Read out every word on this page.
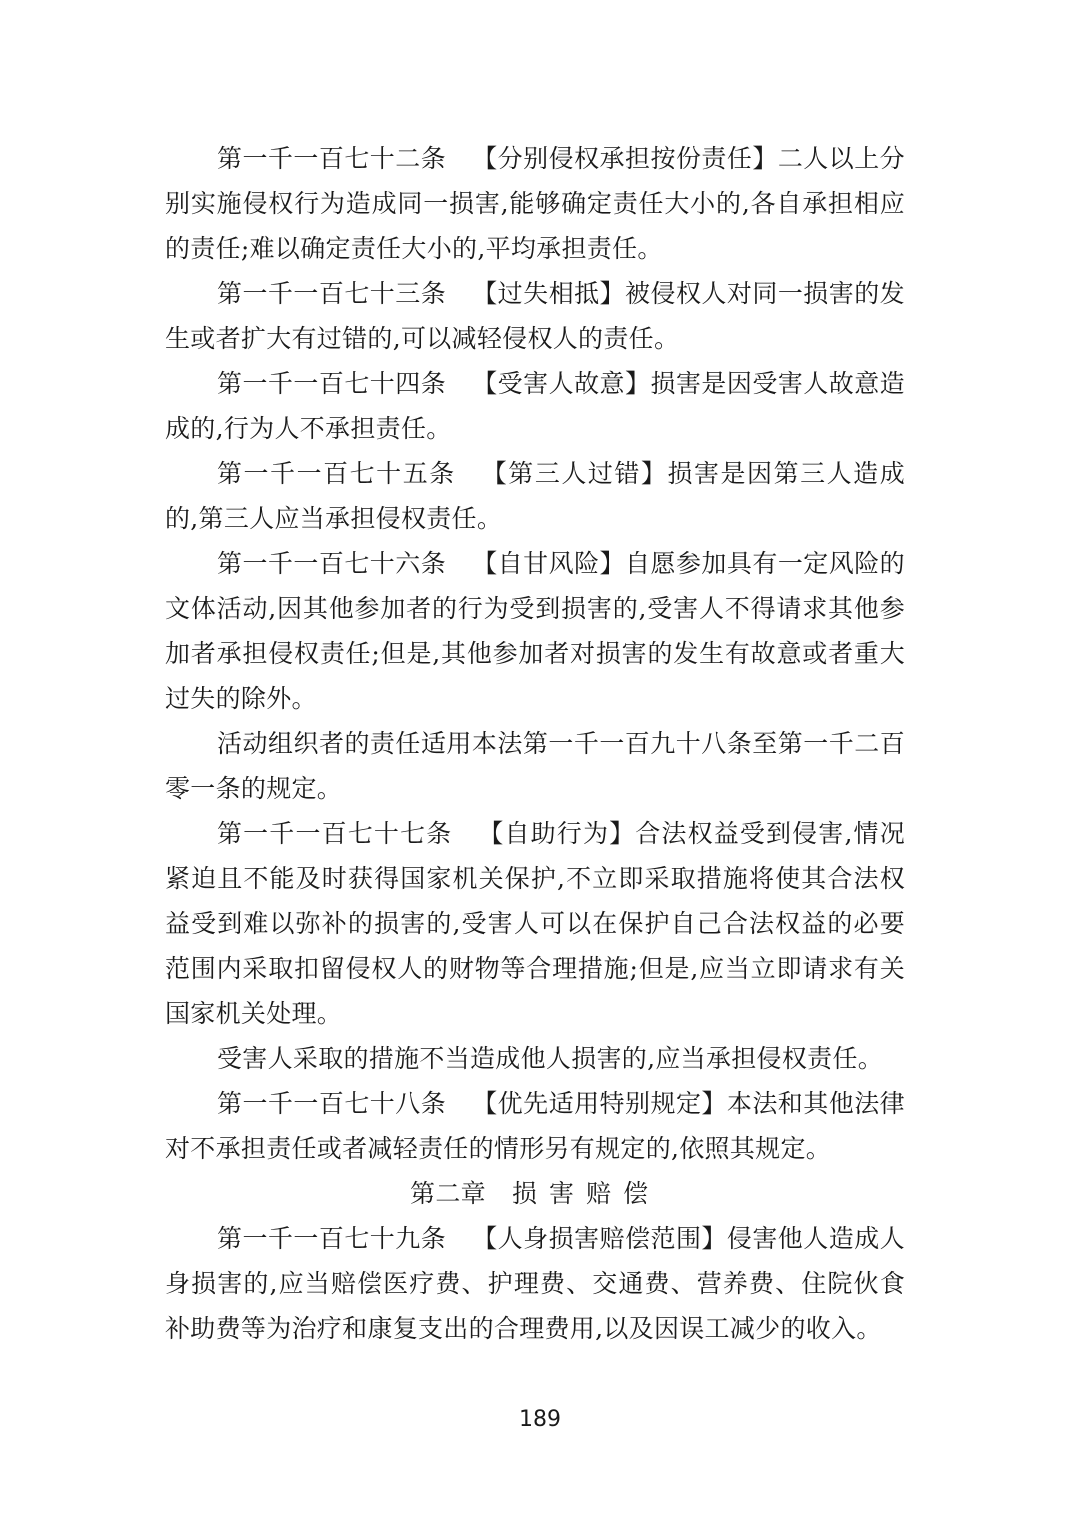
第一千一百七十二条 【分别侵权承担按份责任】二人以上分别实施侵权行为造成同一损害,能够确定责任大小的,各自承担相应的责任;难以确定责任大小的,平均承担责任。

第一千一百七十三条 【过失相抵】被侵权人对同一损害的发生或者扩大有过错的,可以减轻侵权人的责任。

第一千一百七十四条 【受害人故意】损害是因受害人故意造成的,行为人不承担责任。

第一千一百七十五条 【第三人过错】损害是因第三人造成的,第三人应当承担侵权责任。

第一千一百七十六条 【自甘风险】自愿参加具有一定风险的文体活动,因其他参加者的行为受到损害的,受害人不得请求其他参加者承担侵权责任;但是,其他参加者对损害的发生有故意或者重大过失的除外。

活动组织者的责任适用本法第一千一百九十八条至第一千二百零一条的规定。

第一千一百七十七条 【自助行为】合法权益受到侵害,情况紧迫且不能及时获得国家机关保护,不立即采取措施将使其合法权益受到难以弥补的损害的,受害人可以在保护自己合法权益的必要范围内采取扣留侵权人的财物等合理措施;但是,应当立即请求有关国家机关处理。

受害人采取的措施不当造成他人损害的,应当承担侵权责任。

第一千一百七十八条 【优先适用特别规定】本法和其他法律对不承担责任或者减轻责任的情形另有规定的,依照其规定。

第二章 损害赔偿

第一千一百七十九条 【人身损害赔偿范围】侵害他人造成人身损害的,应当赔偿医疗费、护理费、交通费、营养费、住院伙食补助费等为治疗和康复支出的合理费用,以及因误工减少的收入。

189
